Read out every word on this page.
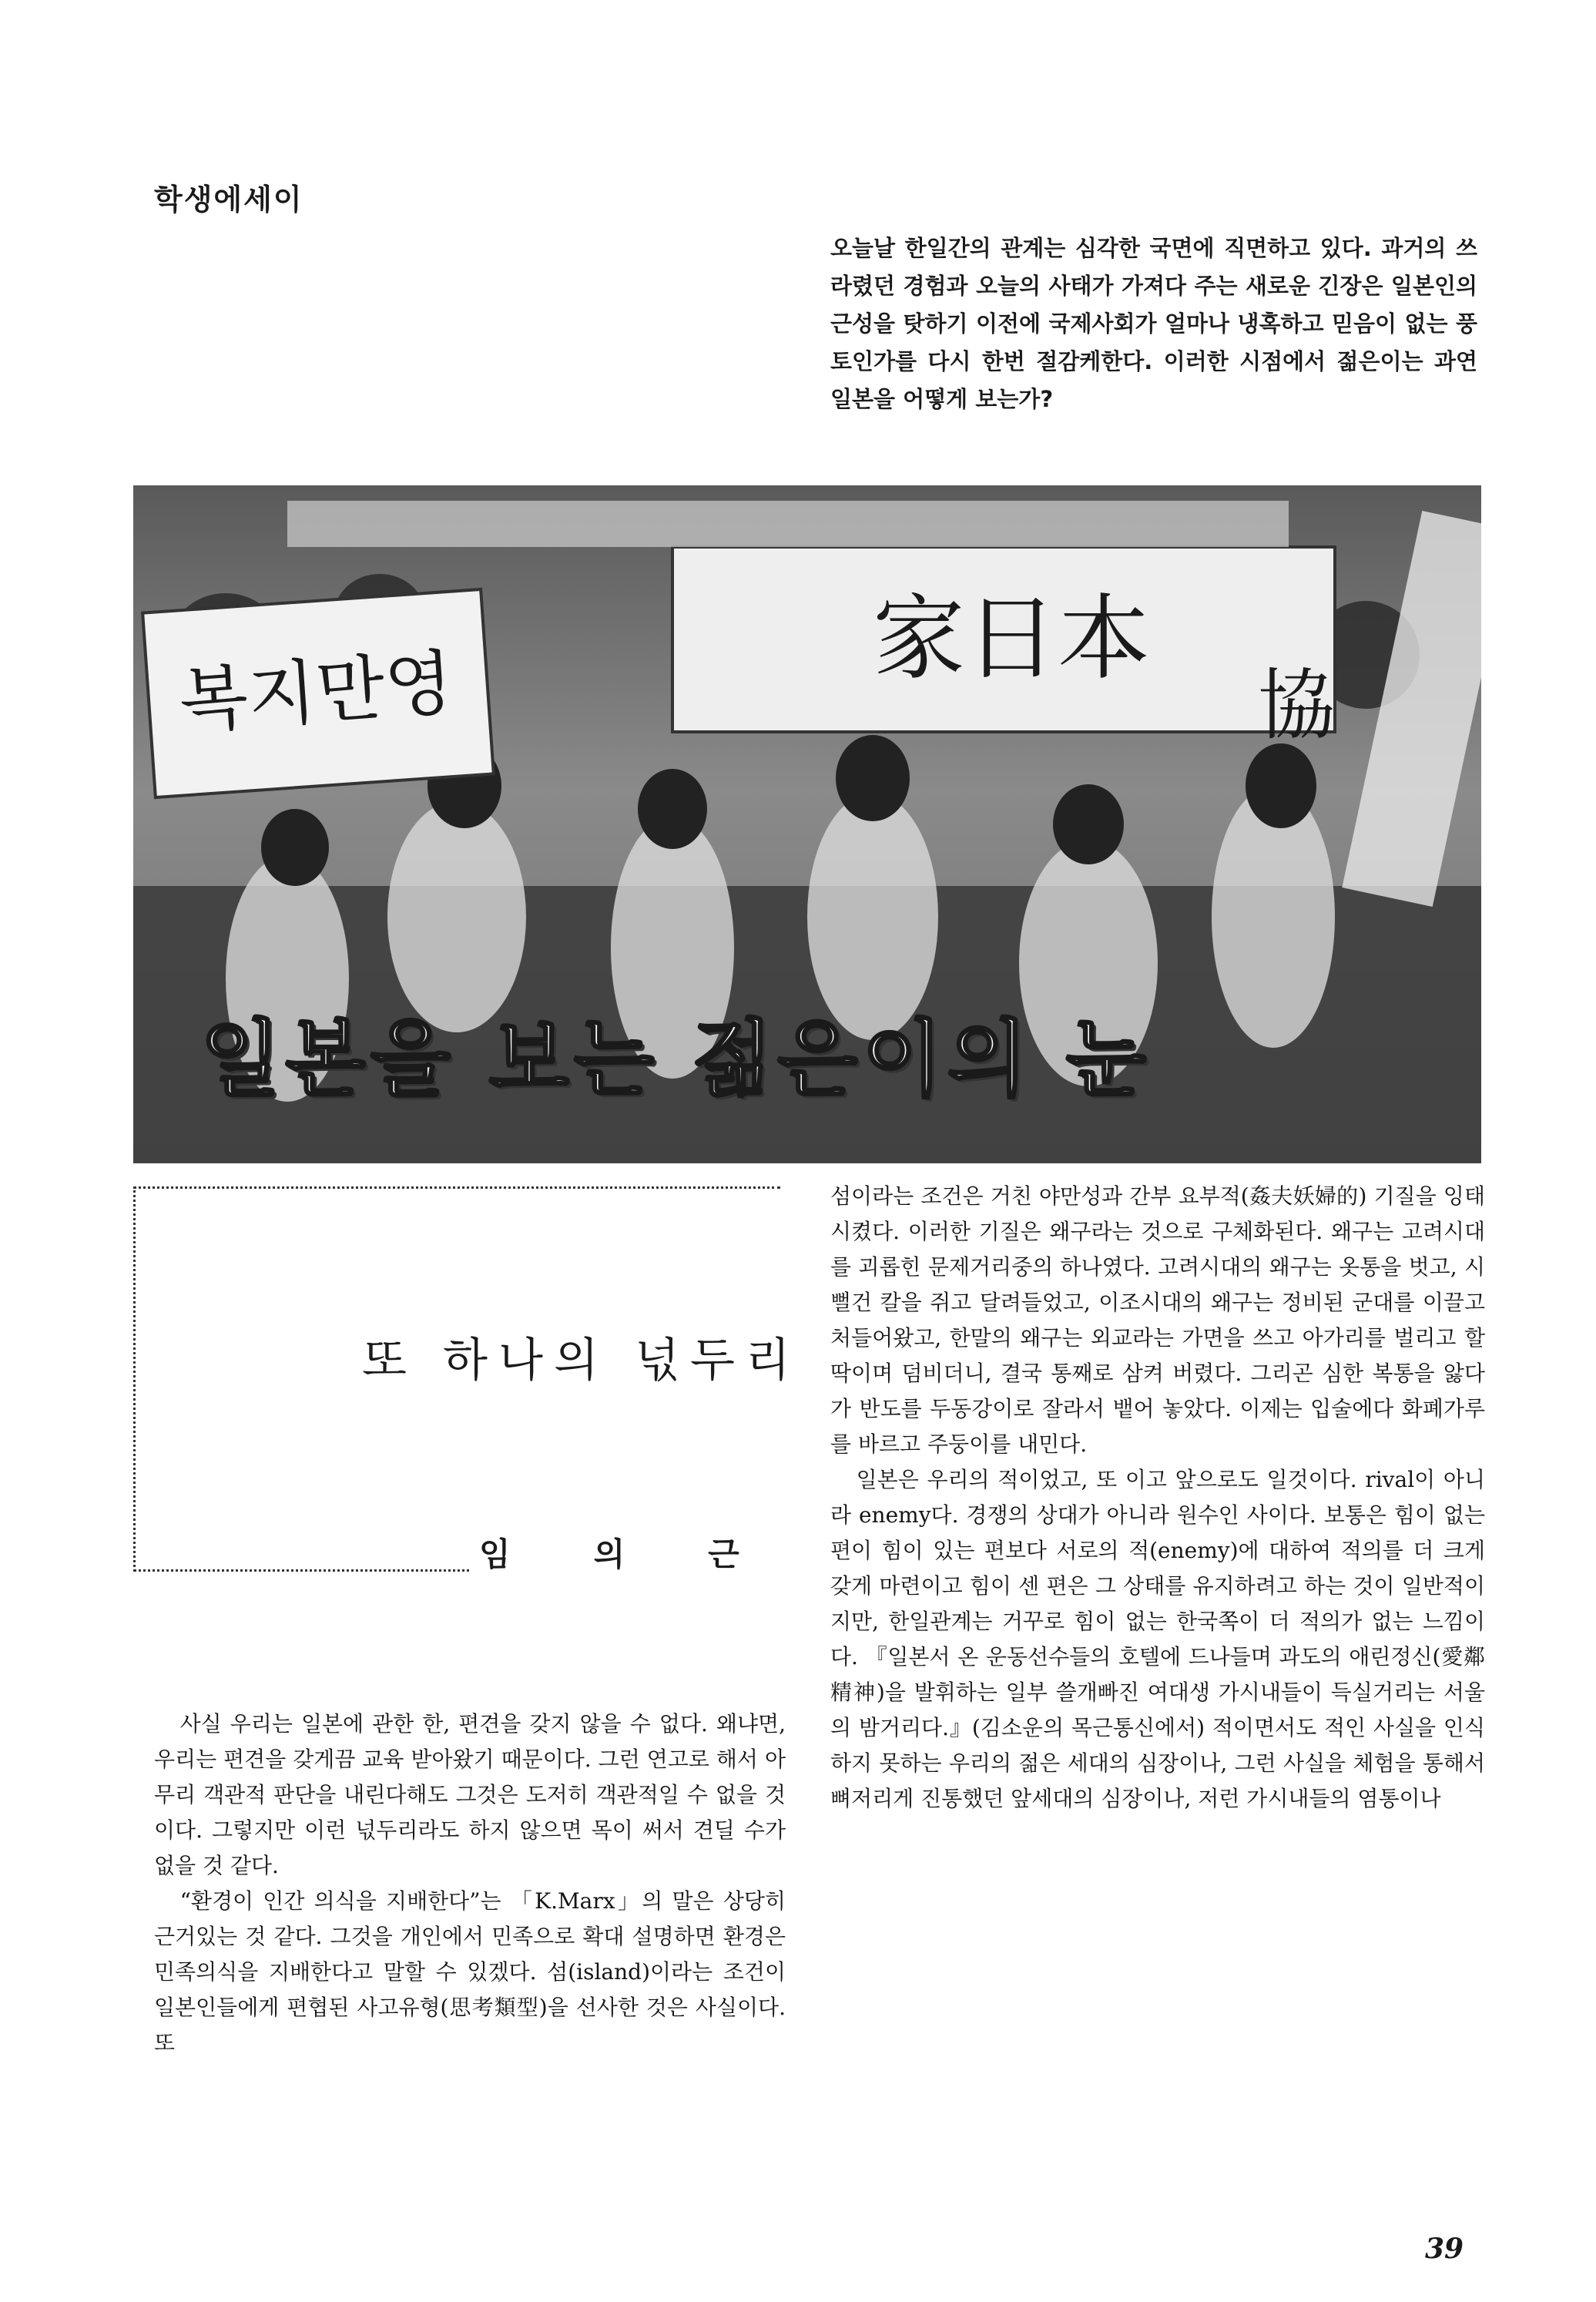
학생에세이

오늘날 한일간의 관계는 심각한 국면에 직면하고 있다. 과거의 쓰라렸던 경험과 오늘의 사태가 가져다 주는 새로운 긴장은 일본인의 근성을 탓하기 이전에 국제사회가 얼마나 냉혹하고 믿음이 없는 풍토인가를 다시 한번 절감케한다. 이러한 시점에서 젊은이는 과연 일본을 어떻게 보는가?

복지만영	家日本
協
일본을 보는 젊은이의 눈
또 하나의 넋두리
임의근

사실 우리는 일본에 관한 한, 편견을 갖지 않을 수 없다. 왜냐면, 우리는 편견을 갖게끔 교육 받아왔기 때문이다. 그런 연고로 해서 아무리 객관적 판단을 내린다해도 그것은 도저히 객관적일 수 없을 것이다. 그렇지만 이런 넋두리라도 하지 않으면 목이 써서 견딜 수가 없을 것 같다.

“환경이 인간 의식을 지배한다”는 「K.Marx」의 말은 상당히 근거있는 것 같다. 그것을 개인에서 민족으로 확대 설명하면 환경은 민족의식을 지배한다고 말할 수 있겠다. 섬(island)이라는 조건이 일본인들에게 편협된 사고유형(思考類型)을 선사한 것은 사실이다. 또

섬이라는 조건은 거친 야만성과 간부 요부적(姦夫妖婦的) 기질을 잉태시켰다. 이러한 기질은 왜구라는 것으로 구체화된다. 왜구는 고려시대를 괴롭힌 문제거리중의 하나였다. 고려시대의 왜구는 옷통을 벗고, 시뻘건 칼을 쥐고 달려들었고, 이조시대의 왜구는 정비된 군대를 이끌고 처들어왔고, 한말의 왜구는 외교라는 가면을 쓰고 아가리를 벌리고 할딱이며 덤비더니, 결국 통째로 삼켜 버렸다. 그리곤 심한 복통을 앓다가 반도를 두동강이로 잘라서 뱉어 놓았다. 이제는 입술에다 화폐가루를 바르고 주둥이를 내민다.

일본은 우리의 적이었고, 또 이고 앞으로도 일것이다. rival이 아니라 enemy다. 경쟁의 상대가 아니라 원수인 사이다. 보통은 힘이 없는 편이 힘이 있는 편보다 서로의 적(enemy)에 대하여 적의를 더 크게 갖게 마련이고 힘이 센 편은 그 상태를 유지하려고 하는 것이 일반적이지만, 한일관계는 거꾸로 힘이 없는 한국쪽이 더 적의가 없는 느낌이다. 『일본서 온 운동선수들의 호텔에 드나들며 과도의 애린정신(愛鄰精神)을 발휘하는 일부 쓸개빠진 여대생 가시내들이 득실거리는 서울의 밤거리다.』(김소운의 목근통신에서) 적이면서도 적인 사실을 인식하지 못하는 우리의 젊은 세대의 심장이나, 그런 사실을 체험을 통해서 뼈저리게 진통했던 앞세대의 심장이나, 저런 가시내들의 염통이나

39
